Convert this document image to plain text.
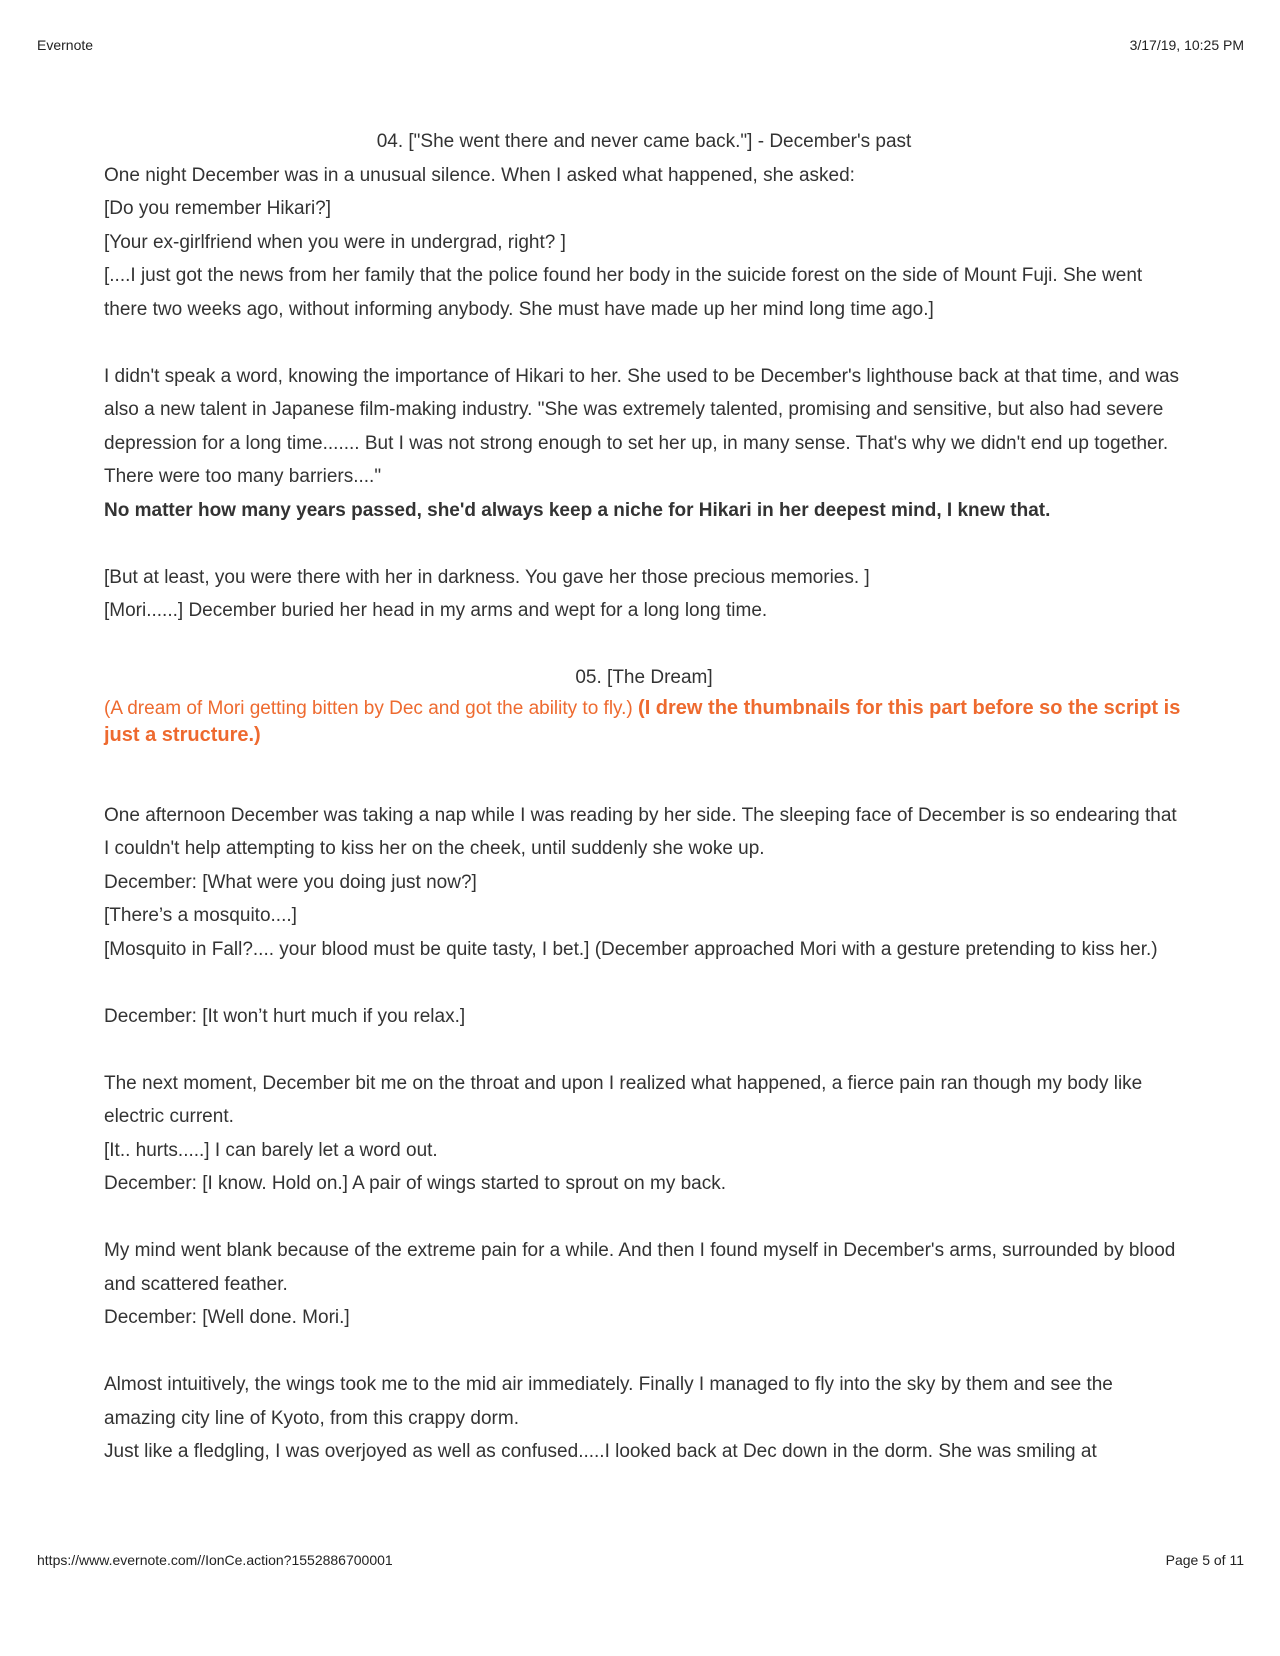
Evernote	3/17/19, 10:25 PM

04. ["She went there and never came back."] - December's past

One night December was in a unusual silence. When I asked what happened, she asked:

[Do you remember Hikari?]

[Your ex-girlfriend when you were in undergrad, right? ]

[....I just got the news from her family that the police found her body in the suicide forest on the side of Mount Fuji. She went there two weeks ago, without informing anybody. She must have made up her mind long time ago.]

I didn't speak a word, knowing the importance of Hikari to her. She used to be December's lighthouse back at that time, and was also a new talent in Japanese film-making industry. "She was extremely talented, promising and sensitive, but also had severe depression for a long time....... But I was not strong enough to set her up, in many sense. That's why we didn't end up together. There were too many barriers...."

No matter how many years passed, she'd always keep a niche for Hikari in her deepest mind, I knew that.

[But at least, you were there with her in darkness. You gave her those precious memories. ]

[Mori......] December buried her head in my arms and wept for a long long time.

05. [The Dream]

(A dream of Mori getting bitten by Dec and got the ability to fly.) (I drew the thumbnails for this part before so the script is just a structure.)

One afternoon December was taking a nap while I was reading by her side. The sleeping face of December is so endearing that I couldn't help attempting to kiss her on the cheek, until suddenly she woke up.

December: [What were you doing just now?]

[There’s a mosquito....]

[Mosquito in Fall?.... your blood must be quite tasty, I bet.] (December approached Mori with a gesture pretending to kiss her.)

December: [It won’t hurt much if you relax.]

The next moment, December bit me on the throat and upon I realized what happened, a fierce pain ran though my body like electric current.

[It.. hurts.....] I can barely let a word out.

December: [I know. Hold on.] A pair of wings started to sprout on my back.

My mind went blank because of the extreme pain for a while. And then I found myself in December's arms, surrounded by blood and scattered feather.

December: [Well done. Mori.]

Almost intuitively, the wings took me to the mid air immediately. Finally I managed to fly into the sky by them and see the amazing city line of Kyoto, from this crappy dorm.

Just like a fledgling, I was overjoyed as well as confused.....I looked back at Dec down in the dorm. She was smiling at

https://www.evernote.com//IonCe.action?1552886700001	Page 5 of 11
